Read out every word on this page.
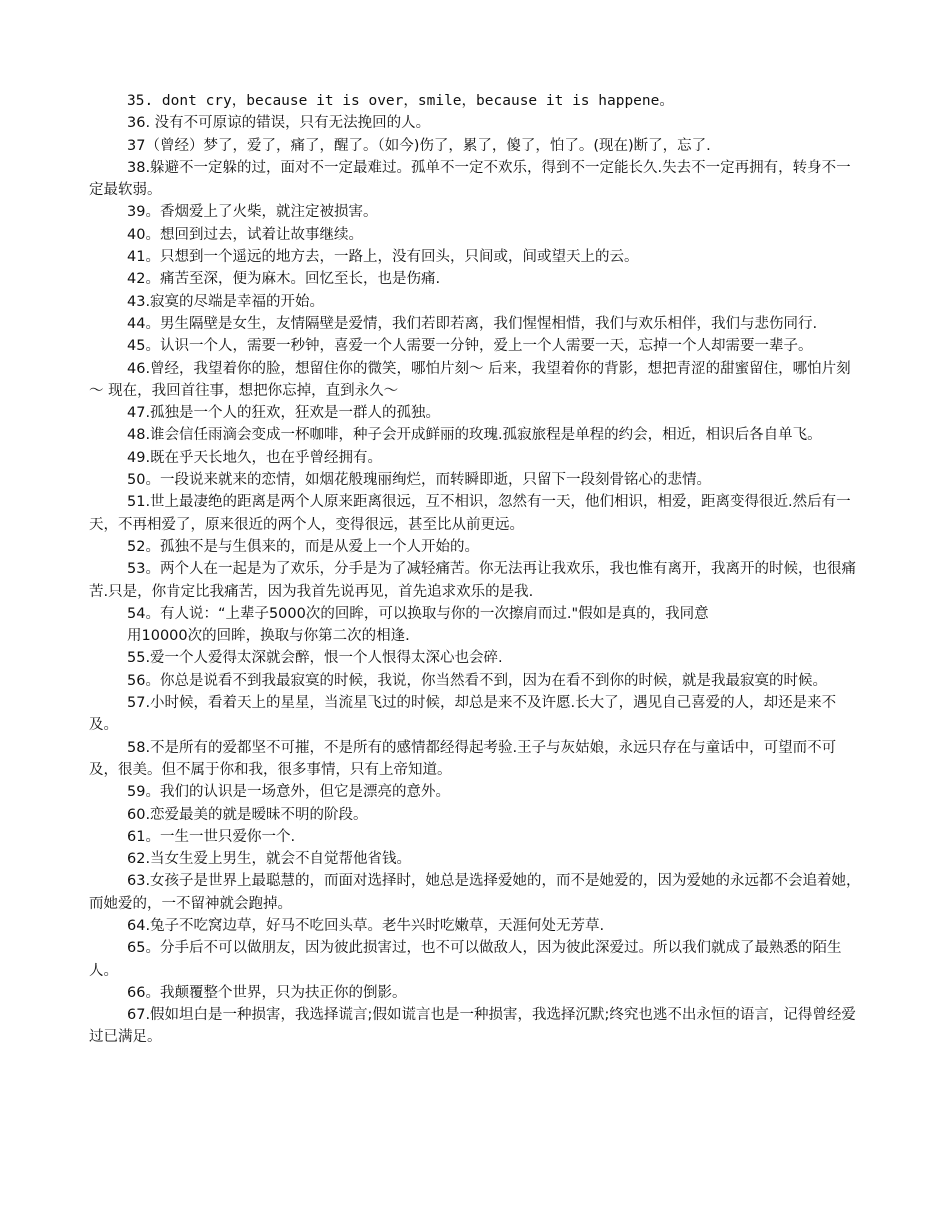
35. dont cry，because it is over，smile，because it is happene。

36. 没有不可原谅的错误，只有无法挽回的人。

37（曾经）梦了，爱了，痛了，醒了。（如今)伤了，累了，傻了，怕了。(现在)断了，忘了.

38.躲避不一定躲的过，面对不一定最难过。孤单不一定不欢乐，得到不一定能长久.失去不一定再拥有，转身不一定最软弱。

39。香烟爱上了火柴，就注定被损害。

40。想回到过去，试着让故事继续。

41。只想到一个遥远的地方去，一路上，没有回头，只间或，间或望天上的云。

42。痛苦至深，便为麻木。回忆至长，也是伤痛.

43.寂寞的尽端是幸福的开始。

44。男生隔壁是女生，友情隔壁是爱情，我们若即若离，我们惺惺相惜，我们与欢乐相伴，我们与悲伤同行.

45。认识一个人，需要一秒钟，喜爱一个人需要一分钟，爱上一个人需要一天，忘掉一个人却需要一辈子。

46.曾经，我望着你的脸，想留住你的微笑，哪怕片刻～ 后来，我望着你的背影，想把青涩的甜蜜留住，哪怕片刻～ 现在，我回首往事，想把你忘掉，直到永久～

47.孤独是一个人的狂欢，狂欢是一群人的孤独。

48.谁会信任雨滴会变成一杯咖啡，种子会开成鲜丽的玫瑰.孤寂旅程是单程的约会，相近，相识后各自单飞。

49.既在乎天长地久，也在乎曾经拥有。

50。一段说来就来的恋情，如烟花般瑰丽绚烂，而转瞬即逝，只留下一段刻骨铭心的悲情。

51.世上最凄绝的距离是两个人原来距离很远，互不相识，忽然有一天，他们相识，相爱，距离变得很近.然后有一天，不再相爱了，原来很近的两个人，变得很远，甚至比从前更远。

52。孤独不是与生俱来的，而是从爱上一个人开始的。

53。两个人在一起是为了欢乐，分手是为了减轻痛苦。你无法再让我欢乐，我也惟有离开，我离开的时候，也很痛苦.只是，你肯定比我痛苦，因为我首先说再见，首先追求欢乐的是我.

54。有人说：“上辈子5000次的回眸，可以换取与你的一次擦肩而过."假如是真的，我同意

用10000次的回眸，换取与你第二次的相逢.

55.爱一个人爱得太深就会醉，恨一个人恨得太深心也会碎.

56。你总是说看不到我最寂寞的时候，我说，你当然看不到，因为在看不到你的时候，就是我最寂寞的时候。

57.小时候，看着天上的星星，当流星飞过的时候，却总是来不及许愿.长大了，遇见自己喜爱的人，却还是来不及。

58.不是所有的爱都坚不可摧，不是所有的感情都经得起考验.王子与灰姑娘，永远只存在与童话中，可望而不可及，很美。但不属于你和我，很多事情，只有上帝知道。

59。我们的认识是一场意外，但它是漂亮的意外。

60.恋爱最美的就是暧昧不明的阶段。

61。一生一世只爱你一个.

62.当女生爱上男生，就会不自觉帮他省钱。

63.女孩子是世界上最聪慧的，而面对选择时，她总是选择爱她的，而不是她爱的，因为爱她的永远都不会追着她，而她爱的，一不留神就会跑掉。

64.兔子不吃窝边草，好马不吃回头草。老牛兴时吃嫩草，天涯何处无芳草.

65。分手后不可以做朋友，因为彼此损害过，也不可以做敌人，因为彼此深爱过。所以我们就成了最熟悉的陌生人。

66。我颠覆整个世界，只为扶正你的倒影。

67.假如坦白是一种损害，我选择谎言;假如谎言也是一种损害，我选择沉默;终究也逃不出永恒的语言，记得曾经爱过已满足。
